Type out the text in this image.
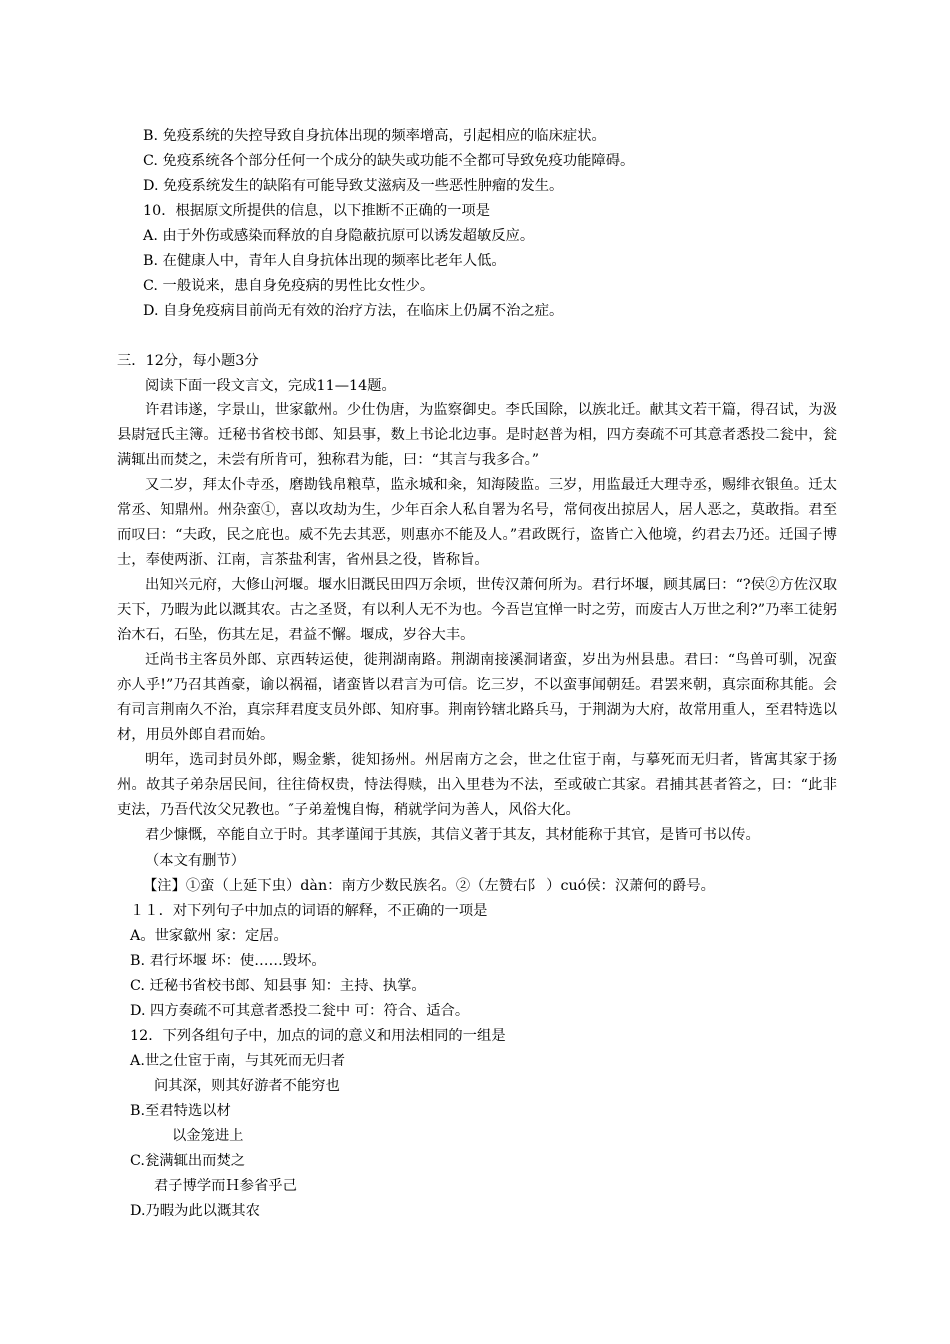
B. 免疫系统的失控导致自身抗体出现的频率增高，引起相应的临床症状。

C. 免疫系统各个部分任何一个成分的缺失或功能不全都可导致免疫功能障碍。

D. 免疫系统发生的缺陷有可能导致艾滋病及一些恶性肿瘤的发生。

10．根据原文所提供的信息，以下推断不正确的一项是

A. 由于外伤或感染而释放的自身隐蔽抗原可以诱发超敏反应。

B. 在健康人中，青年人自身抗体出现的频率比老年人低。

C. 一般说来，患自身免疫病的男性比女性少。

D. 自身免疫病目前尚无有效的治疗方法，在临床上仍属不治之症。

三．12分，每小题3分

阅读下面一段文言文，完成11—14题。

许君讳遂，字景山，世家歙州。少仕伪唐，为监察御史。李氏国除，以族北迁。献其文若干篇，得召试，为汲县尉冠氏主簿。迁秘书省校书郎、知县事，数上书论北边事。是时赵普为相，四方奏疏不可其意者悉投二瓮中，瓮满辄出而焚之，未尝有所肯可，独称君为能，曰：“其言与我多合。”

又二岁，拜太仆寺丞，磨勘钱帛粮草，监永城和籴，知海陵监。三岁，用监最迁大理寺丞，赐绯衣银鱼。迁太常丞、知鼎州。州杂蛮①，喜以攻劫为生，少年百余人私自署为名号，常伺夜出掠居人，居人恶之，莫敢指。君至而叹曰：“夫政，民之庇也。威不先去其恶，则惠亦不能及人。”君政既行，盗皆亡入他境，约君去乃还。迁国子博士，奉使两浙、江南，言茶盐利害，省州县之役，皆称旨。

出知兴元府，大修山河堰。堰水旧溉民田四万余顷，世传汉萧何所为。君行坏堰，顾其属曰：“?侯②方佐汉取天下，乃暇为此以溉其农。古之圣贤，有以利人无不为也。今吾岂宜惮一时之劳，而废古人万世之利?”乃率工徒躬治木石，石坠，伤其左足，君益不懈。堰成，岁谷大丰。

迁尚书主客员外郎、京西转运使，徙荆湖南路。荆湖南接溪洞诸蛮，岁出为州县患。君曰：“鸟兽可驯，况蛮亦人乎!”乃召其酋豪，谕以祸福，诸蛮皆以君言为可信。讫三岁，不以蛮事闻朝廷。君罢来朝，真宗面称其能。会有司言荆南久不治，真宗拜君度支员外郎、知府事。荆南钤辖北路兵马，于荆湖为大府，故常用重人，至君特选以材，用员外郎自君而始。

明年，选司封员外郎，赐金紫，徙知扬州。州居南方之会，世之仕宦于南，与摹死而无归者，皆寓其家于扬州。故其子弟杂居民间，往往倚权贵，恃法得赎，出入里巷为不法，至或破亡其家。君捕其甚者笞之，曰：“此非吏法，乃吾代汝父兄教也。″子弟羞愧自悔，稍就学问为善人，风俗大化。

君少慷慨，卒能自立于时。其孝谨闻于其族，其信义著于其友，其材能称于其官，是皆可书以传。

（本文有删节）

【注】①蛮（上延下虫）dàn：南方少数民族名。②（左赞右阝 ）cuó侯：汉萧何的爵号。

１１．对下列句子中加点的词语的解释，不正确的一项是

A。世家歙州 家：定居。

B. 君行坏堰 坏：使……毁坏。

C. 迁秘书省校书郎、知县事 知：主持、执掌。

D. 四方奏疏不可其意者悉投二瓮中 可：符合、适合。

12．下列各组句子中，加点的词的意义和用法相同的一组是

A.世之仕宦于南，与其死而无归者

问其深，则其好游者不能穷也

B.至君特选以材

以金笼进上

C.瓮满辄出而焚之

君子博学而Ｈ参省乎己

D.乃暇为此以溉其农
